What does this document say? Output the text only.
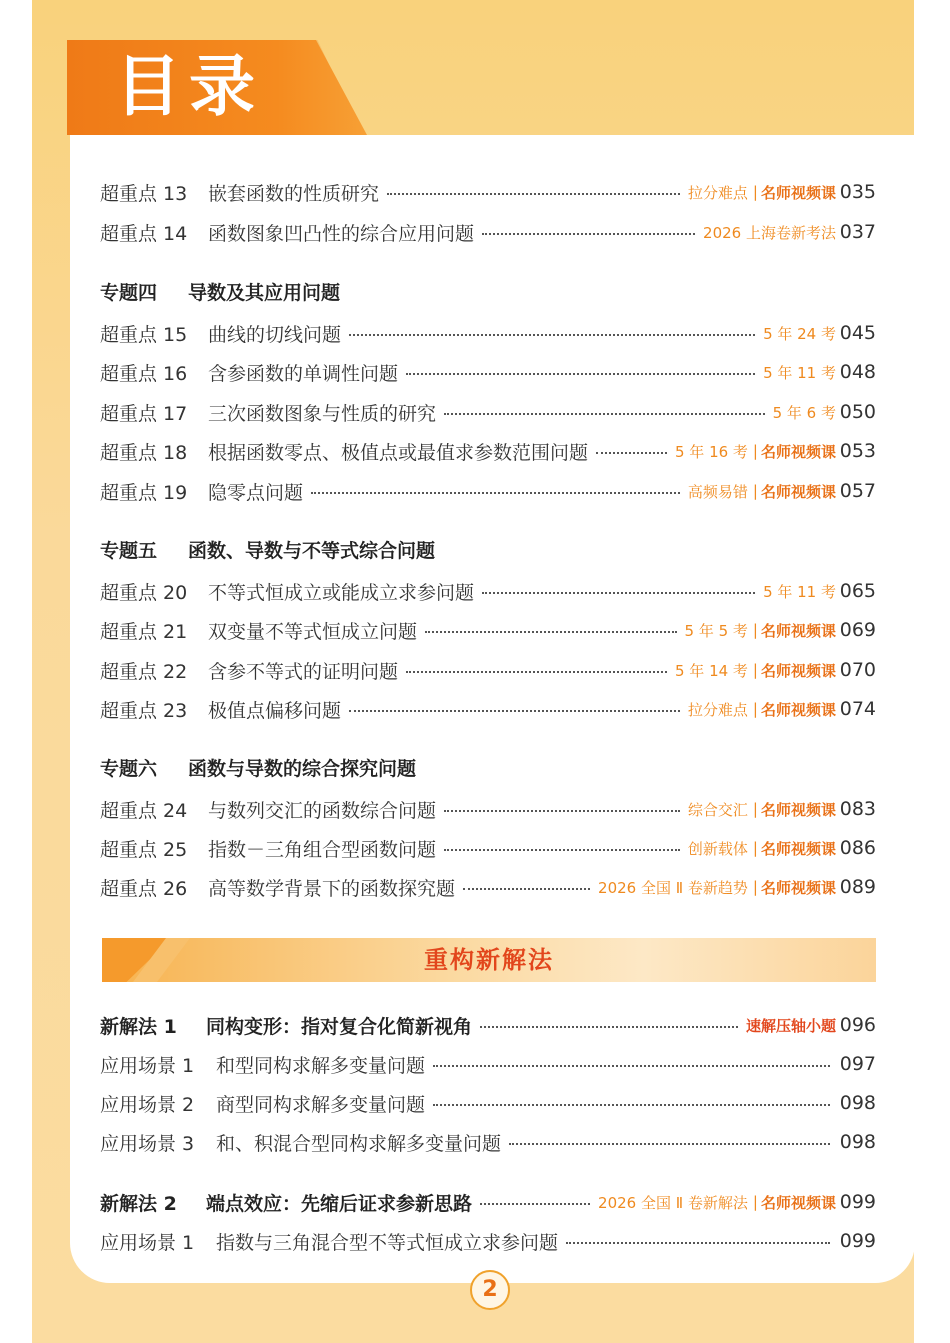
目录
超重点 13	嵌套函数的性质研究	拉分难点 | 名师视频课 035
超重点 14	函数图象凹凸性的综合应用问题	2026 上海卷新考法 037
专题四 导数及其应用问题
超重点 15	曲线的切线问题	5 年 24 考 045
超重点 16	含参函数的单调性问题	5 年 11 考 048
超重点 17	三次函数图象与性质的研究	5 年 6 考 050
超重点 18	根据函数零点、极值点或最值求参数范围问题	5 年 16 考 | 名师视频课 053
超重点 19	隐零点问题	高频易错 | 名师视频课 057
专题五 函数、导数与不等式综合问题
超重点 20	不等式恒成立或能成立求参问题	5 年 11 考 065
超重点 21	双变量不等式恒成立问题	5 年 5 考 | 名师视频课 069
超重点 22	含参不等式的证明问题	5 年 14 考 | 名师视频课 070
超重点 23	极值点偏移问题	拉分难点 | 名师视频课 074
专题六 函数与导数的综合探究问题
超重点 24	与数列交汇的函数综合问题	综合交汇 | 名师视频课 083
超重点 25	指数－三角组合型函数问题	创新载体 | 名师视频课 086
超重点 26	高等数学背景下的函数探究题	2026 全国 Ⅱ 卷新趋势 | 名师视频课 089
重构新解法
新解法 1	同构变形：指对复合化简新视角	速解压轴小题 096
应用场景 1	和型同构求解多变量问题	097
应用场景 2	商型同构求解多变量问题	098
应用场景 3	和、积混合型同构求解多变量问题	098
新解法 2	端点效应：先缩后证求参新思路	2026 全国 Ⅱ 卷新解法 | 名师视频课 099
应用场景 1	指数与三角混合型不等式恒成立求参问题	099
2
